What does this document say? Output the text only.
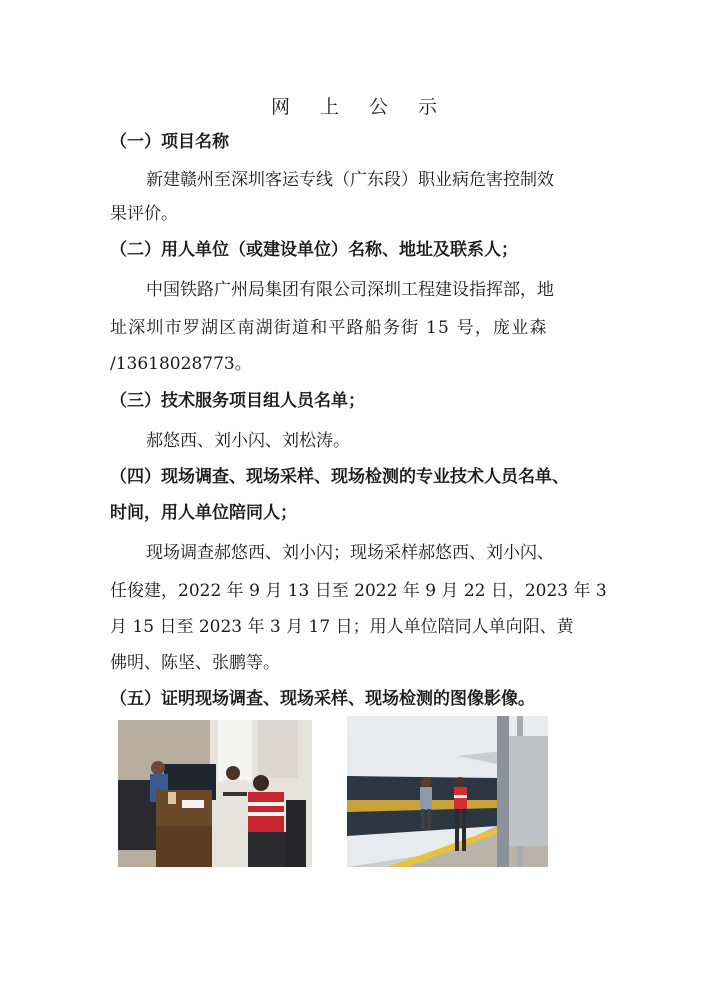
网 上 公 示
（一）项目名称
新建赣州至深圳客运专线（广东段）职业病危害控制效
果评价。
（二）用人单位（或建设单位）名称、地址及联系人；
中国铁路广州局集团有限公司深圳工程建设指挥部，地
址深圳市罗湖区南湖街道和平路船务街 15 号，庞业森
/13618028773。
（三）技术服务项目组人员名单；
郝悠西、刘小闪、刘松涛。
（四）现场调查、现场采样、现场检测的专业技术人员名单、
时间，用人单位陪同人；
现场调查郝悠西、刘小闪；现场采样郝悠西、刘小闪、
任俊建，2022 年 9 月 13 日至 2022 年 9 月 22 日，2023 年 3
月 15 日至 2023 年 3 月 17 日；用人单位陪同人单向阳、黄
佛明、陈坚、张鹏等。
（五）证明现场调查、现场采样、现场检测的图像影像。
